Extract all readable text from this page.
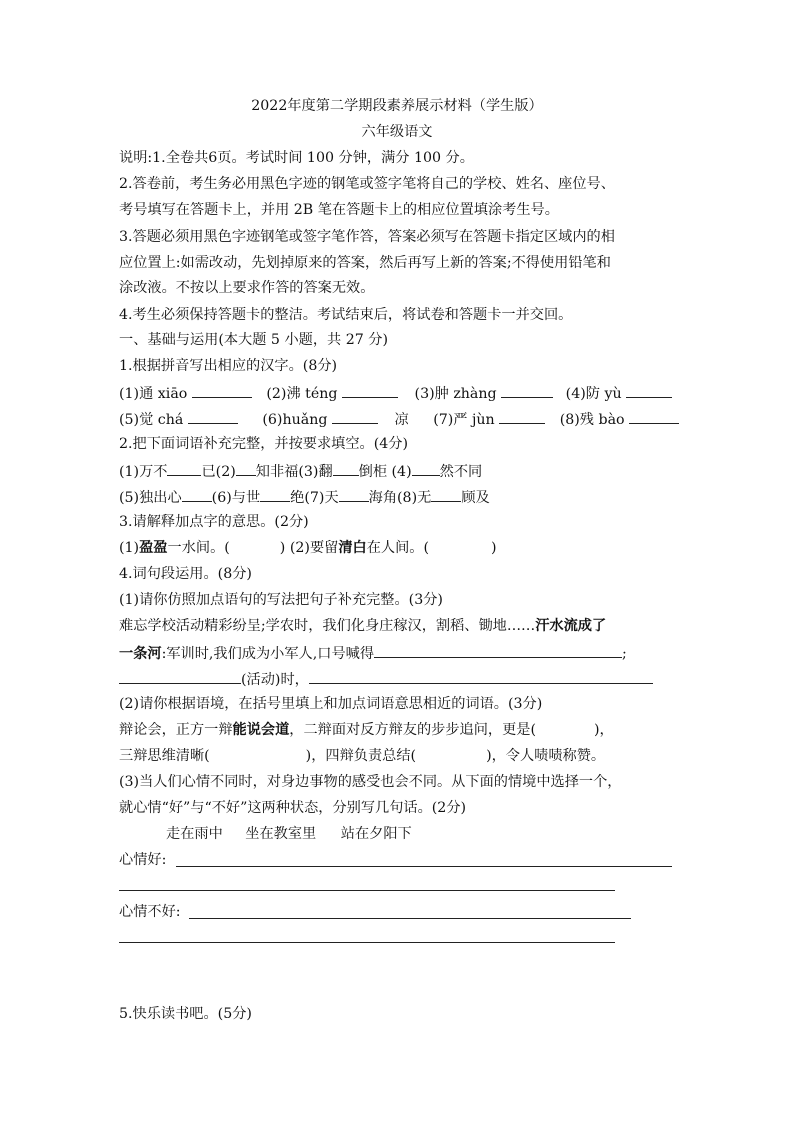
2022年度第二学期段素养展示材料（学生版）
六年级语文
说明:1.全卷共6页。考试时间 100 分钟，满分 100 分。
2.答卷前，考生务必用黑色字迹的钢笔或签字笔将自己的学校、姓名、座位号、
考号填写在答题卡上，并用 2B 笔在答题卡上的相应位置填涂考生号。
3.答题必须用黑色字迹钢笔或签字笔作答，答案必须写在答题卡指定区域内的相
应位置上:如需改动，先划掉原来的答案，然后再写上新的答案;不得使用铅笔和
涂改液。不按以上要求作答的答案无效。
4.考生必须保持答题卡的整洁。考试结束后，将试卷和答题卡一并交回。
一、基础与运用(本大题 5 小题，共 27 分)
1.根据拼音写出相应的汉字。(8分)
(1)通 xiāo	(2)沸 téng	(3)肿 zhàng	(4)防 yù
(5)觉 chá	(6)huǎng	凉 (7)严 jùn	(8)残 bào
2.把下面词语补充完整，并按要求填空。(4分)
(1)万不 已(2) 知非福(3)翻 倒柜 (4) 然不同
(5)独出心 (6)与世 绝(7)天 海角(8)无 顾及
3.请解释加点字的意思。(2分)
(1)盈盈一水间。(	) (2)要留清白在人间。(	)
4.词句段运用。(8分)
(1)请你仿照加点语句的写法把句子补充完整。(3分)
难忘学校活动精彩纷呈;学农时，我们化身庄稼汉，割稻、锄地……汗水流成了
一条河:军训时,我们成为小军人,口号喊得	;
(活动)时，
(2)请你根据语境，在括号里填上和加点词语意思相近的词语。(3分)
辩论会，正方一辩能说会道，二辩面对反方辩友的步步追问，更是(	)，
三辩思维清晰(	)，四辩负责总结(	)，令人啧啧称赞。
(3)当人们心情不同时，对身边事物的感受也会不同。从下面的情境中选择一个，
就心情“好”与“不好”这两种状态，分别写几句话。(2分)
走在雨中 坐在教室里 站在夕阳下
心情好:
心情不好:
5.快乐读书吧。(5分)
